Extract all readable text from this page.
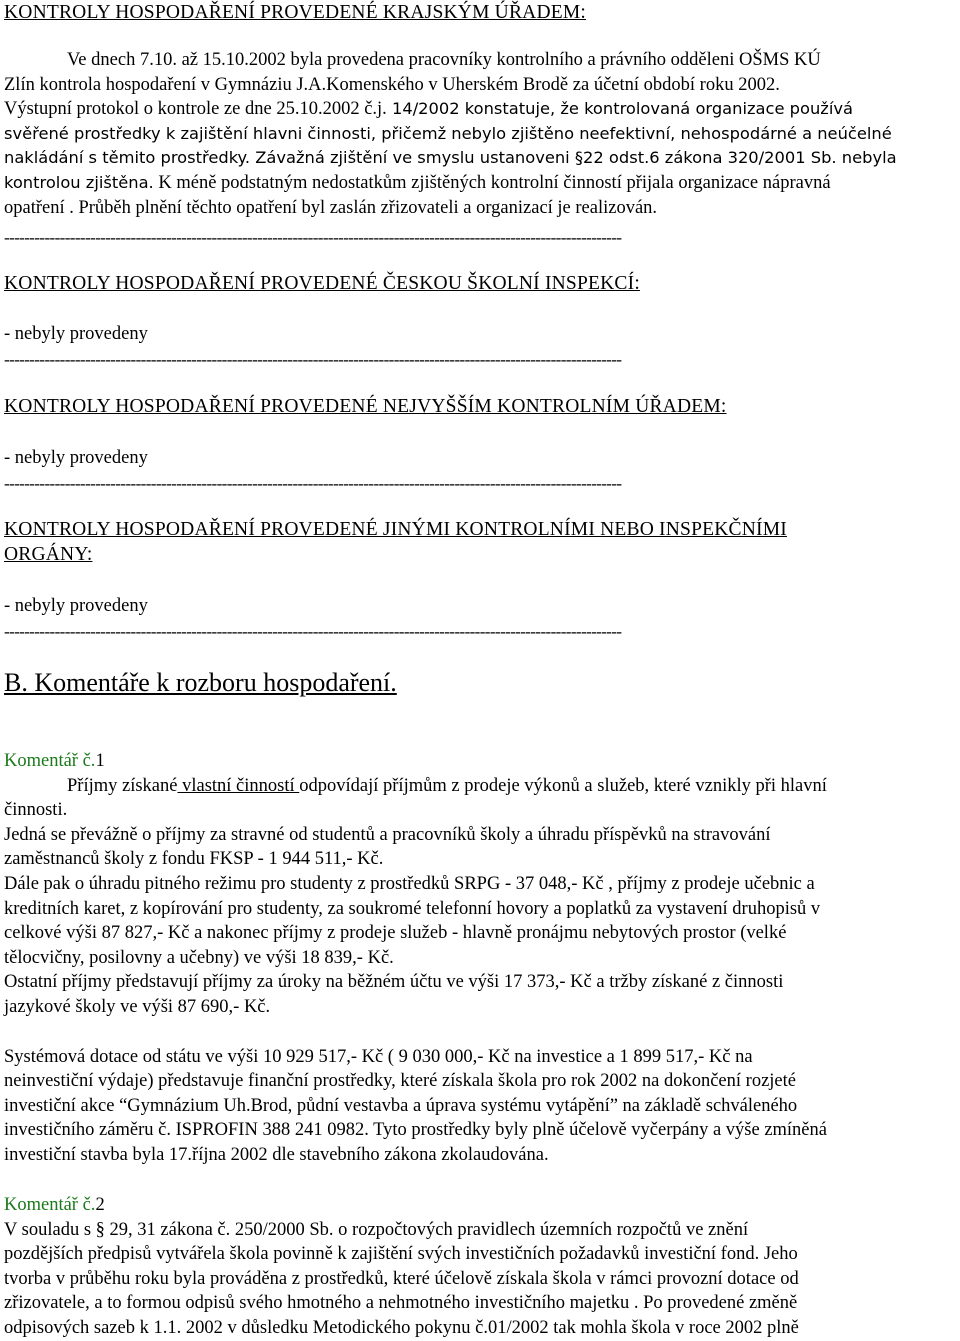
KONTROLY HOSPODAŘENÍ PROVEDENÉ KRAJSKÝM ÚŘADEM:
Ve dnech 7.10. až 15.10.2002 byla provedena pracovníky kontrolního a právního odděleni OŠMS KÚ
Zlín kontrola hospodaření v Gymnáziu J.A.Komenského v Uherském Brodě za účetní období roku 2002.
Výstupní protokol o kontrole ze dne 25.10.2002 č.j. 14/2002 konstatuje, že kontrolovaná organizace používá
svěřené prostředky k zajištění hlavni činnosti, přičemž nebylo zjištěno neefektivní, nehospodárné a neúčelné
nakládání s těmito prostředky. Závažná zjištění ve smyslu ustanoveni §22 odst.6 zákona 320/2001 Sb. nebyla
kontrolou zjištěna. K méně podstatným nedostatkům zjištěných kontrolní činností přijala organizace nápravná
opatření . Průběh plnění těchto opatření byl zaslán zřizovateli a organizací je realizován.
--------------------------------------------------------------------------------------------------------------------------
KONTROLY HOSPODAŘENÍ PROVEDENÉ ČESKOU ŠKOLNÍ INSPEKCÍ:
- nebyly provedeny
--------------------------------------------------------------------------------------------------------------------------
KONTROLY HOSPODAŘENÍ PROVEDENÉ NEJVYŠŠÍM KONTROLNÍM ÚŘADEM:
- nebyly provedeny
--------------------------------------------------------------------------------------------------------------------------
KONTROLY HOSPODAŘENÍ PROVEDENÉ JINÝMI KONTROLNÍMI NEBO INSPEKČNÍMI
ORGÁNY:
- nebyly provedeny
--------------------------------------------------------------------------------------------------------------------------
B. Komentáře k rozboru hospodaření.
Komentář č.1
Příjmy získané vlastní činností odpovídají příjmům z prodeje výkonů a služeb, které vznikly při hlavní
činnosti.
Jedná se převážně o příjmy za stravné od studentů a pracovníků školy a úhradu příspěvků na stravování
zaměstnanců školy z fondu FKSP - 1 944 511,- Kč.
Dále pak o úhradu pitného režimu pro studenty z prostředků SRPG - 37 048,- Kč , příjmy z prodeje učebnic a
kreditních karet, z kopírování pro studenty, za soukromé telefonní hovory a poplatků za vystavení druhopisů v
celkové výši 87 827,- Kč a nakonec příjmy z prodeje služeb - hlavně pronájmu nebytových prostor (velké
tělocvičny, posilovny a učebny) ve výši 18 839,- Kč.
Ostatní příjmy představují příjmy za úroky na běžném účtu ve výši 17 373,- Kč a tržby získané z činnosti
jazykové školy ve výši 87 690,- Kč.
Systémová dotace od státu ve výši 10 929 517,- Kč ( 9 030 000,- Kč na investice a 1 899 517,- Kč na
neinvestiční výdaje) představuje finanční prostředky, které získala škola pro rok 2002 na dokončení rozjeté
investiční akce “Gymnázium Uh.Brod, půdní vestavba a úprava systému vytápění” na základě schváleného
investičního záměru č. ISPROFIN 388 241 0982. Tyto prostředky byly plně účelově vyčerpány a výše zmíněná
investiční stavba byla 17.října 2002 dle stavebního zákona zkolaudována.
Komentář č.2
V souladu s § 29, 31 zákona č. 250/2000 Sb. o rozpočtových pravidlech územních rozpočtů ve znění
pozdějších předpisů vytvářela škola povinně k zajištění svých investičních požadavků investiční fond. Jeho
tvorba v průběhu roku byla prováděna z prostředků, které účelově získala škola v rámci provozní dotace od
zřizovatele, a to formou odpisů svého hmotného a nehmotného investičního majetku . Po provedené změně
odpisových sazeb k 1.1. 2002 v důsledku Metodického pokynu č.01/2002 tak mohla škola v roce 2002 plně
